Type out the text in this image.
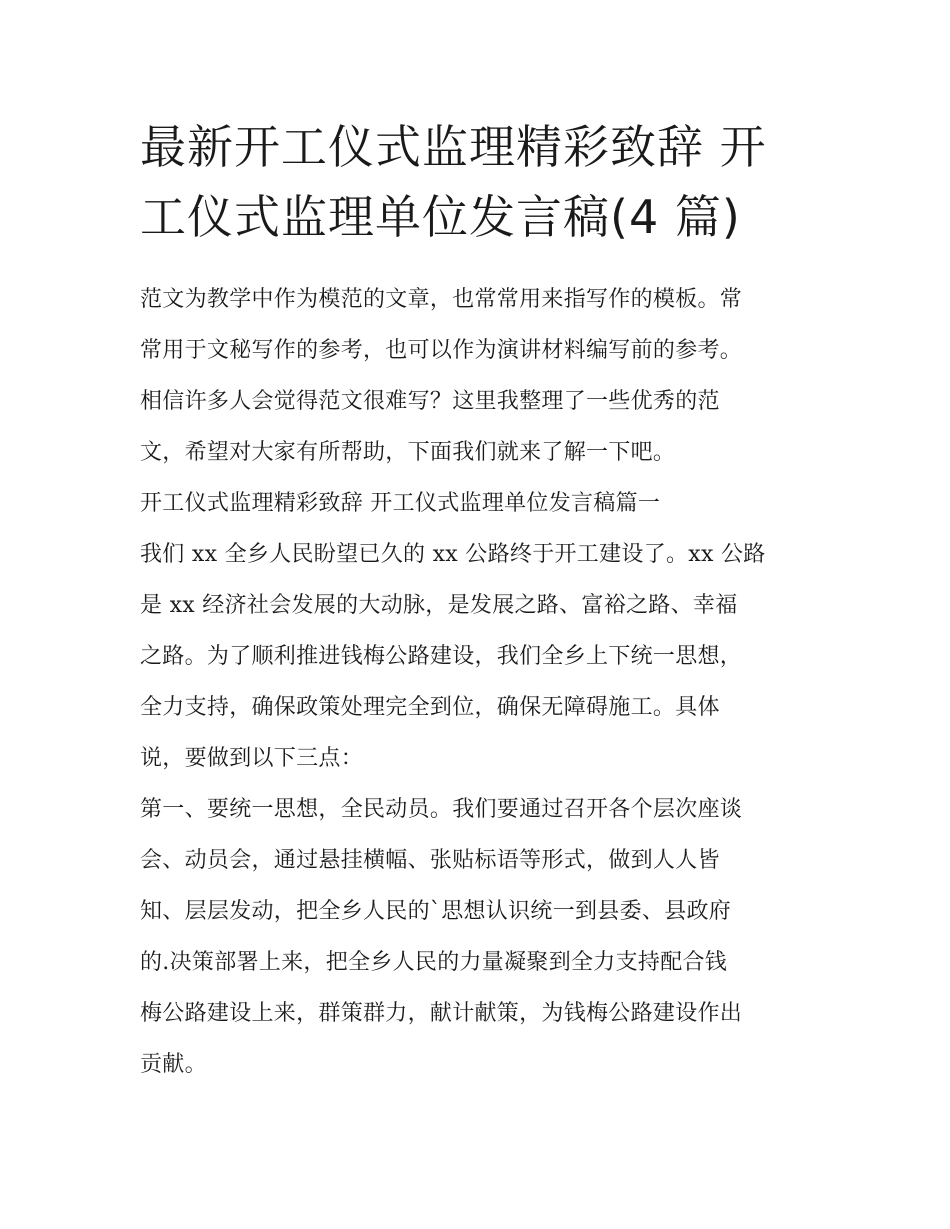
最新开工仪式监理精彩致辞 开
工仪式监理单位发言稿(4 篇)
范文为教学中作为模范的文章，也常常用来指写作的模板。常
常用于文秘写作的参考，也可以作为演讲材料编写前的参考。
相信许多人会觉得范文很难写？这里我整理了一些优秀的范
文，希望对大家有所帮助，下面我们就来了解一下吧。
开工仪式监理精彩致辞 开工仪式监理单位发言稿篇一
我们 xx 全乡人民盼望已久的 xx 公路终于开工建设了。xx 公路
是 xx 经济社会发展的大动脉，是发展之路、富裕之路、幸福
之路。为了顺利推进钱梅公路建设，我们全乡上下统一思想，
全力支持，确保政策处理完全到位，确保无障碍施工。具体
说，要做到以下三点：
第一、要统一思想，全民动员。我们要通过召开各个层次座谈
会、动员会，通过悬挂横幅、张贴标语等形式，做到人人皆
知、层层发动，把全乡人民的`思想认识统一到县委、县政府
的.决策部署上来，把全乡人民的力量凝聚到全力支持配合钱
梅公路建设上来，群策群力，献计献策，为钱梅公路建设作出
贡献。
